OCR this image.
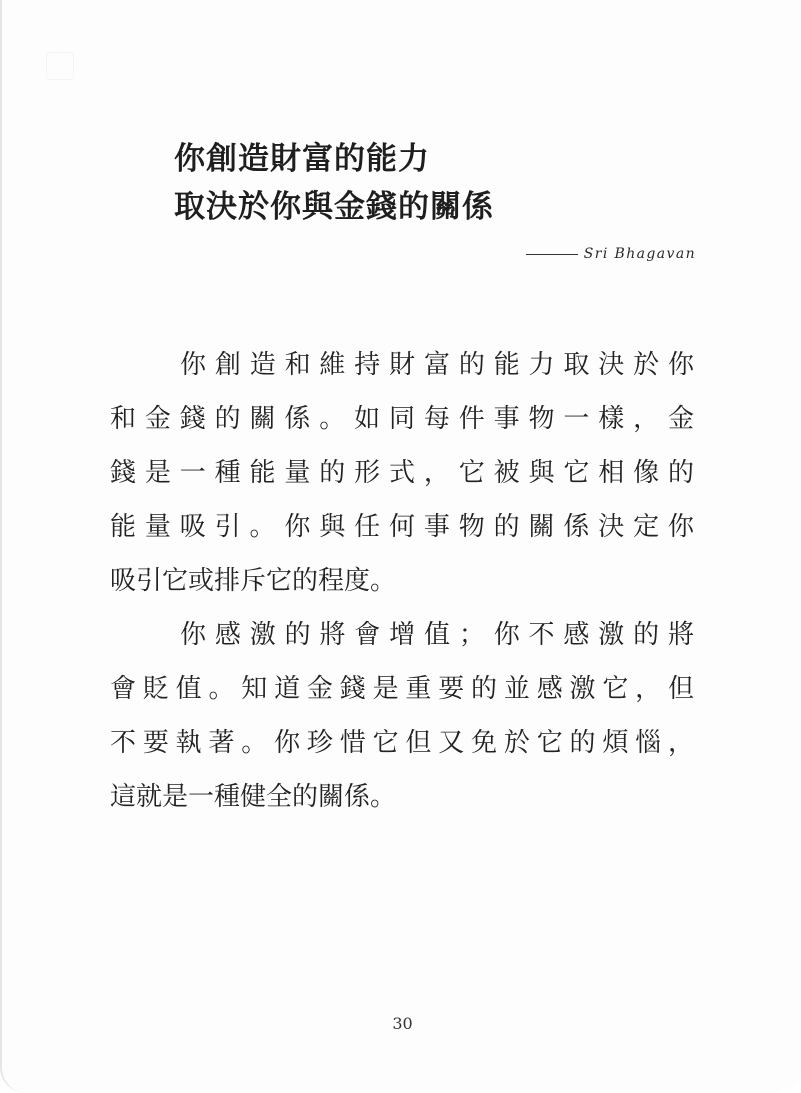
你創造財富的能力
取決於你與金錢的關係
Sri Bhagavan
你創造和維持財富的能力取決於你
和金錢的關係。如同每件事物一樣，金
錢是一種能量的形式，它被與它相像的
能量吸引。你與任何事物的關係決定你
吸引它或排斥它的程度。
你感激的將會增值；你不感激的將
會貶值。知道金錢是重要的並感激它，但
不要執著。你珍惜它但又免於它的煩惱，
這就是一種健全的關係。
30
